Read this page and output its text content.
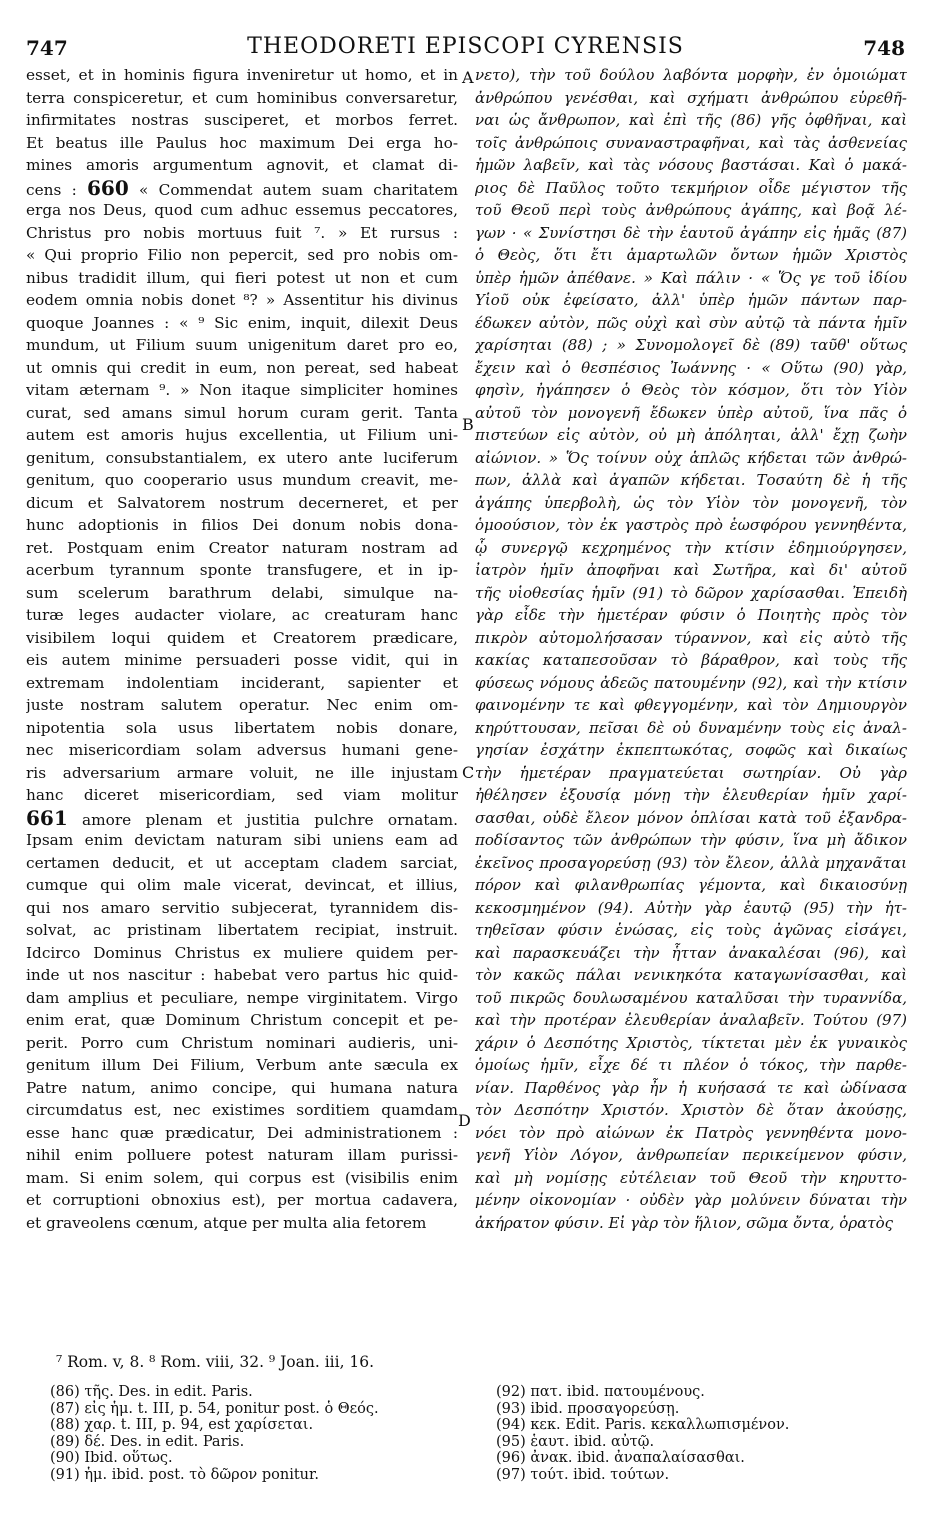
747	THEODORETI EPISCOPI CYRENSIS	748
esset, et in hominis figura inveniretur ut homo, et in
terra conspiceretur, et cum hominibus conversaretur,
infirmitates nostras susciperet, et morbos ferret.
Et beatus ille Paulus hoc maximum Dei erga ho-
mines amoris argumentum agnovit, et clamat di-
cens : 660 « Commendat autem suam charitatem
erga nos Deus, quod cum adhuc essemus peccatores,
Christus pro nobis mortuus fuit ⁷. » Et rursus :
« Qui proprio Filio non pepercit, sed pro nobis om-
nibus tradidit illum, qui fieri potest ut non et cum
eodem omnia nobis donet ⁸? » Assentitur his divinus
quoque Joannes : « ⁹ Sic enim, inquit, dilexit Deus
mundum, ut Filium suum unigenitum daret pro eo,
ut omnis qui credit in eum, non pereat, sed habeat
vitam æternam ⁹. » Non itaque simpliciter homines
curat, sed amans simul horum curam gerit. Tanta
autem est amoris hujus excellentia, ut Filium uni-
genitum, consubstantialem, ex utero ante luciferum
genitum, quo cooperario usus mundum creavit, me-
dicum et Salvatorem nostrum decerneret, et per
hunc adoptionis in filios Dei donum nobis dona-
ret. Postquam enim Creator naturam nostram ad
acerbum tyrannum sponte transfugere, et in ip-
sum scelerum barathrum delabi, simulque na-
turæ leges audacter violare, ac creaturam hanc
visibilem loqui quidem et Creatorem prædicare,
eis autem minime persuaderi posse vidit, qui in
extremam indolentiam inciderant, sapienter et
juste nostram salutem operatur. Nec enim om-
nipotentia sola usus libertatem nobis donare,
nec misericordiam solam adversus humani gene-
ris adversarium armare voluit, ne ille injustam
hanc diceret misericordiam, sed viam molitur
661 amore plenam et justitia pulchre ornatam.
Ipsam enim devictam naturam sibi uniens eam ad
certamen deducit, et ut acceptam cladem sarciat,
cumque qui olim male vicerat, devincat, et illius,
qui nos amaro servitio subjecerat, tyrannidem dis-
solvat, ac pristinam libertatem recipiat, instruit.
Idcirco Dominus Christus ex muliere quidem per-
inde ut nos nascitur : habebat vero partus hic quid-
dam amplius et peculiare, nempe virginitatem. Virgo
enim erat, quæ Dominum Christum concepit et pe-
perit. Porro cum Christum nominari audieris, uni-
genitum illum Dei Filium, Verbum ante sæcula ex
Patre natum, animo concipe, qui humana natura
circumdatus est, nec existimes sorditiem quamdam
esse hanc quæ prædicatur, Dei administrationem :
nihil enim polluere potest naturam illam purissi-
mam. Si enim solem, qui corpus est (visibilis enim
et corruptioni obnoxius est), per mortua cadavera,
et graveolens cœnum, atque per multa alia fetorem
νετο), τὴν τοῦ δούλου λαβόντα μορφὴν, ἐν ὁμοιώματ
ἀνθρώπου γενέσθαι, καὶ σχήματι ἀνθρώπου εὑρεθῆ-
ναι ὡς ἄνθρωπον, καὶ ἐπὶ τῆς (86) γῆς ὀφθῆναι, καὶ
τοῖς ἀνθρώποις συναναστραφῆναι, καὶ τὰς ἀσθενείας
ἡμῶν λαβεῖν, καὶ τὰς νόσους βαστάσαι. Καὶ ὁ μακά-
ριος δὲ Παῦλος τοῦτο τεκμήριον οἶδε μέγιστον τῆς
τοῦ Θεοῦ περὶ τοὺς ἀνθρώπους ἀγάπης, καὶ βοᾷ λέ-
γων · « Συνίστησι δὲ τὴν ἑαυτοῦ ἀγάπην εἰς ἡμᾶς (87)
ὁ Θεὸς, ὅτι ἔτι ἁμαρτωλῶν ὄντων ἡμῶν Χριστὸς
ὑπὲρ ἡμῶν ἀπέθανε. » Καὶ πάλιν · « Ὅς γε τοῦ ἰδίου
Υἱοῦ οὐκ ἐφείσατο, ἀλλ' ὑπὲρ ἡμῶν πάντων παρ-
έδωκεν αὐτὸν, πῶς οὐχὶ καὶ σὺν αὐτῷ τὰ πάντα ἡμῖν
χαρίσηται (88) ; » Συνομολογεῖ δὲ (89) ταῦθ' οὕτως
ἔχειν καὶ ὁ θεσπέσιος Ἰωάννης · « Οὕτω (90) γὰρ,
φησὶν, ἠγάπησεν ὁ Θεὸς τὸν κόσμον, ὅτι τὸν Υἱὸν
αὐτοῦ τὸν μονογενῆ ἔδωκεν ὑπὲρ αὐτοῦ, ἵνα πᾶς ὁ
πιστεύων εἰς αὐτὸν, οὐ μὴ ἀπόληται, ἀλλ' ἔχῃ ζωὴν
αἰώνιον. » Ὅς τοίνυν οὐχ ἁπλῶς κήδεται τῶν ἀνθρώ-
πων, ἀλλὰ καὶ ἀγαπῶν κήδεται. Τοσαύτη δὲ ἡ τῆς
ἀγάπης ὑπερβολὴ, ὡς τὸν Υἱὸν τὸν μονογενῆ, τὸν
ὁμοούσιον, τὸν ἐκ γαστρὸς πρὸ ἑωσφόρου γεννηθέντα,
ᾧ συνεργῷ κεχρημένος τὴν κτίσιν ἐδημιούργησεν,
ἰατρὸν ἡμῖν ἀποφῆναι καὶ Σωτῆρα, καὶ δι' αὐτοῦ
τῆς υἱοθεσίας ἡμῖν (91) τὸ δῶρον χαρίσασθαι. Ἐπειδὴ
γὰρ εἶδε τὴν ἡμετέραν φύσιν ὁ Ποιητὴς πρὸς τὸν
πικρὸν αὐτομολήσασαν τύραννον, καὶ εἰς αὐτὸ τῆς
κακίας καταπεσοῦσαν τὸ βάραθρον, καὶ τοὺς τῆς
φύσεως νόμους ἀδεῶς πατουμένην (92), καὶ τὴν κτίσιν
φαινομένην τε καὶ φθεγγομένην, καὶ τὸν Δημιουργὸν
κηρύττουσαν, πεῖσαι δὲ οὐ δυναμένην τοὺς εἰς ἀναλ-
γησίαν ἐσχάτην ἐκπεπτωκότας, σοφῶς καὶ δικαίως
τὴν ἡμετέραν πραγματεύεται σωτηρίαν. Οὐ γὰρ
ἠθέλησεν ἐξουσίᾳ μόνῃ τὴν ἐλευθερίαν ἡμῖν χαρί-
σασθαι, οὐδὲ ἔλεον μόνον ὁπλίσαι κατὰ τοῦ ἐξανδρα-
ποδίσαντος τῶν ἀνθρώπων τὴν φύσιν, ἵνα μὴ ἄδικον
ἐκεῖνος προσαγορεύσῃ (93) τὸν ἔλεον, ἀλλὰ μηχανᾶται
πόρον καὶ φιλανθρωπίας γέμοντα, καὶ δικαιοσύνῃ
κεκοσμημένον (94). Αὐτὴν γὰρ ἑαυτῷ (95) τὴν ἡτ-
τηθεῖσαν φύσιν ἑνώσας, εἰς τοὺς ἀγῶνας εἰσάγει,
καὶ παρασκευάζει τὴν ἧτταν ἀνακαλέσαι (96), καὶ
τὸν κακῶς πάλαι νενικηκότα καταγωνίσασθαι, καὶ
τοῦ πικρῶς δουλωσαμένου καταλῦσαι τὴν τυραννίδα,
καὶ τὴν προτέραν ἐλευθερίαν ἀναλαβεῖν. Τούτου (97)
χάριν ὁ Δεσπότης Χριστὸς, τίκτεται μὲν ἐκ γυναικὸς
ὁμοίως ἡμῖν, εἶχε δέ τι πλέον ὁ τόκος, τὴν παρθε-
νίαν. Παρθένος γὰρ ἦν ἡ κυήσασά τε καὶ ὠδίνασα
τὸν Δεσπότην Χριστόν. Χριστὸν δὲ ὅταν ἀκούσῃς,
νόει τὸν πρὸ αἰώνων ἐκ Πατρὸς γεννηθέντα μονο-
γενῆ Υἱὸν Λόγον, ἀνθρωπείαν περικείμενον φύσιν,
καὶ μὴ νομίσῃς εὐτέλειαν τοῦ Θεοῦ τὴν κηρυττο-
μένην οἰκονομίαν · οὐδὲν γὰρ μολύνειν δύναται τὴν
ἀκήρατον φύσιν. Εἰ γὰρ τὸν ἥλιον, σῶμα ὄντα, ὁρατὸς
A
B
C
D
⁷ Rom. v, 8. ⁸ Rom. viii, 32. ⁹ Joan. iii, 16.
(86) τῆς. Des. in edit. Paris.
(87) εἰς ἡμ. t. III, p. 54, ponitur post. ὁ Θεός.
(88) χαρ. t. III, p. 94, est χαρίσεται.
(89) δέ. Des. in edit. Paris.
(90) Ibid. οὕτως.
(91) ἡμ. ibid. post. τὸ δῶρον ponitur.
(92) πατ. ibid. πατουμένους.
(93) ibid. προσαγορεύσῃ.
(94) κεκ. Edit. Paris. κεκαλλωπισμένον.
(95) ἑαυτ. ibid. αὐτῷ.
(96) ἀνακ. ibid. ἀναπαλαίσασθαι.
(97) τούτ. ibid. τούτων.
